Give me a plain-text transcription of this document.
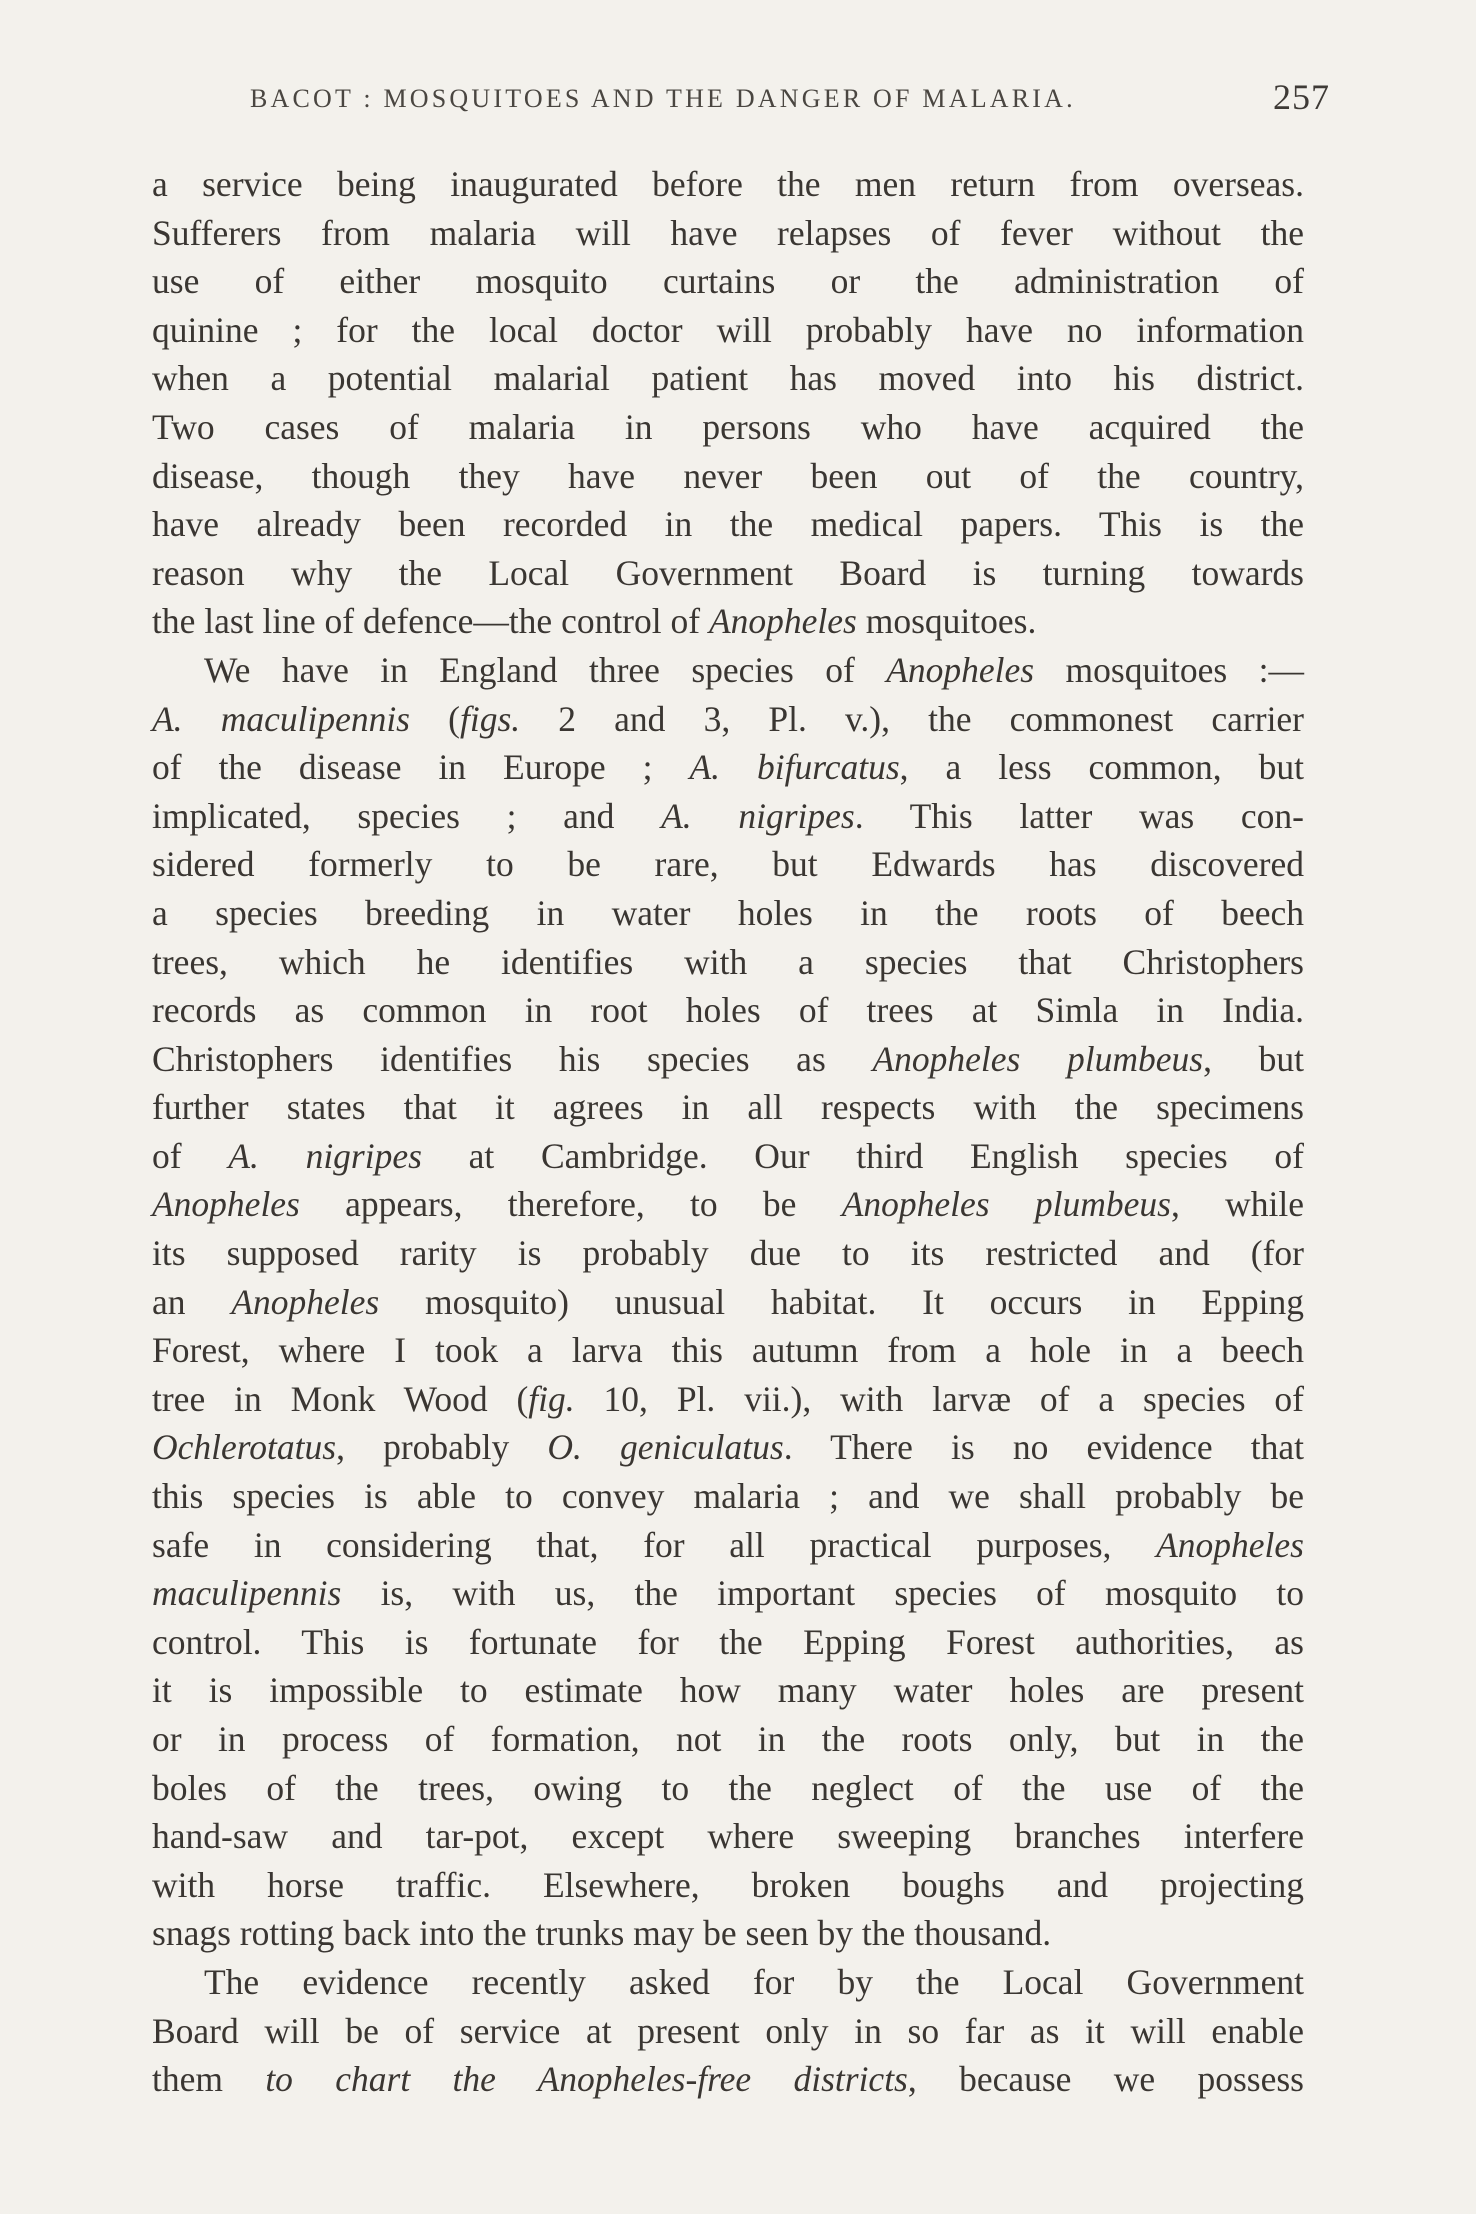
BACOT : MOSQUITOES AND THE DANGER OF MALARIA.	257
a service being inaugurated before the men return from overseas.
Sufferers from malaria will have relapses of fever without the
use of either mosquito curtains or the administration of
quinine ; for the local doctor will probably have no information
when a potential malarial patient has moved into his district.
Two cases of malaria in persons who have acquired the
disease, though they have never been out of the country,
have already been recorded in the medical papers. This is the
reason why the Local Government Board is turning towards
the last line of defence—the control of Anopheles mosquitoes.
We have in England three species of Anopheles mosquitoes :—
A. maculipennis (figs. 2 and 3, Pl. v.), the commonest carrier
of the disease in Europe ; A. bifurcatus, a less common, but
implicated, species ; and A. nigripes. This latter was con-
sidered formerly to be rare, but Edwards has discovered
a species breeding in water holes in the roots of beech
trees, which he identifies with a species that Christophers
records as common in root holes of trees at Simla in India.
Christophers identifies his species as Anopheles plumbeus, but
further states that it agrees in all respects with the specimens
of A. nigripes at Cambridge. Our third English species of
Anopheles appears, therefore, to be Anopheles plumbeus, while
its supposed rarity is probably due to its restricted and (for
an Anopheles mosquito) unusual habitat. It occurs in Epping
Forest, where I took a larva this autumn from a hole in a beech
tree in Monk Wood (fig. 10, Pl. vii.), with larvæ of a species of
Ochlerotatus, probably O. geniculatus. There is no evidence that
this species is able to convey malaria ; and we shall probably be
safe in considering that, for all practical purposes, Anopheles
maculipennis is, with us, the important species of mosquito to
control. This is fortunate for the Epping Forest authorities, as
it is impossible to estimate how many water holes are present
or in process of formation, not in the roots only, but in the
boles of the trees, owing to the neglect of the use of the
hand-saw and tar-pot, except where sweeping branches interfere
with horse traffic. Elsewhere, broken boughs and projecting
snags rotting back into the trunks may be seen by the thousand.
The evidence recently asked for by the Local Government
Board will be of service at present only in so far as it will enable
them to chart the Anopheles-free districts, because we possess
